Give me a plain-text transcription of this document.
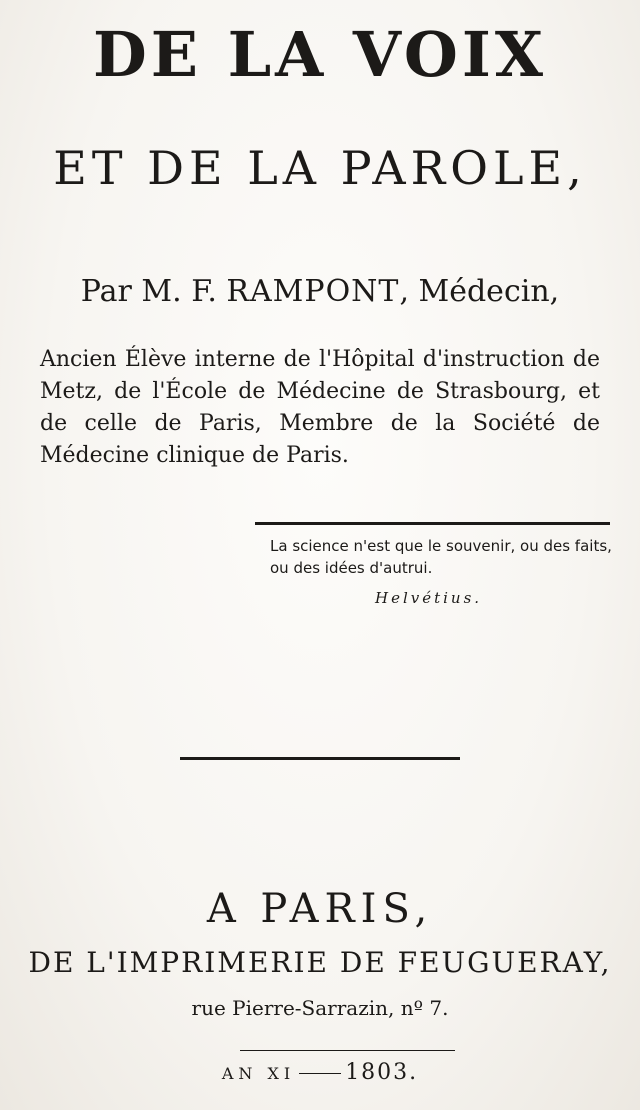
DE LA VOIX
ET DE LA PAROLE,
Par M. F. RAMPONT, Médecin,
Ancien Élève interne de l'Hôpital d'instruction de Metz, de l'École de Médecine de Strasbourg, et de celle de Paris, Membre de la Société de Médecine clinique de Paris.
La science n'est que le souvenir, ou des faits,
ou des idées d'autrui.
Helvétius.
A PARIS,
DE L'IMPRIMERIE DE FEUGUERAY,
rue Pierre-Sarrazin, nº 7.
AN XI 1803.
